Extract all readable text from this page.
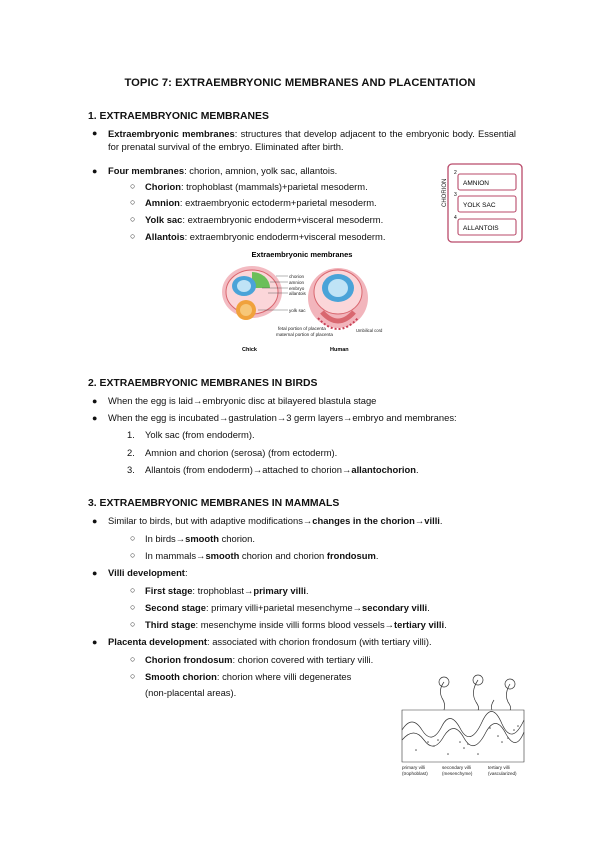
TOPIC 7: EXTRAEMBRYONIC MEMBRANES AND PLACENTATION
1. EXTRAEMBRYONIC MEMBRANES
● Extraembryonic membranes: structures that develop adjacent to the embryonic body. Essential for prenatal survival of the embryo. Eliminated after birth.
● Four membranes: chorion, amnion, yolk sac, allantois.
○ Chorion: trophoblast (mammals)+parietal mesoderm.
○ Amnion: extraembryonic ectoderm+parietal mesoderm.
○ Yolk sac: extraembryonic endoderm+visceral mesoderm.
○ Allantois: extraembryonic endoderm+visceral mesoderm.
CHORION
2
AMNION
3
YOLK SAC
4
ALLANTOIS
Extraembryonic membranes
chorion
amnion
embryo
allantois
yolk sac
fetal portion of placenta
maternal portion of placenta
Umbilical cord
Chick	Human
2. EXTRAEMBRYONIC MEMBRANES IN BIRDS
● When the egg is laid→embryonic disc at bilayered blastula stage
● When the egg is incubated→gastrulation→3 germ layers→embryo and membranes:
1. Yolk sac (from endoderm).
2. Amnion and chorion (serosa) (from ectoderm).
3. Allantois (from endoderm)→attached to chorion→allantochorion.
3. EXTRAEMBRYONIC MEMBRANES IN MAMMALS
● Similar to birds, but with adaptive modifications→changes in the chorion→villi.
○ In birds→smooth chorion.
○ In mammals→smooth chorion and chorion frondosum.
● Villi development:
○ First stage: trophoblast→primary villi.
○ Second stage: primary villi+parietal mesenchyme→secondary villi.
○ Third stage: mesenchyme inside villi forms blood vessels→tertiary villi.
● Placenta development: associated with chorion frondosum (with tertiary villi).
○ Chorion frondosum: chorion covered with tertiary villi.
○ Smooth chorion: chorion where villi degenerates
(non-placental areas).
primary villi	secondary villi	tertiary villi
(trophoblast)	(mesenchyme)	(vascularized)
